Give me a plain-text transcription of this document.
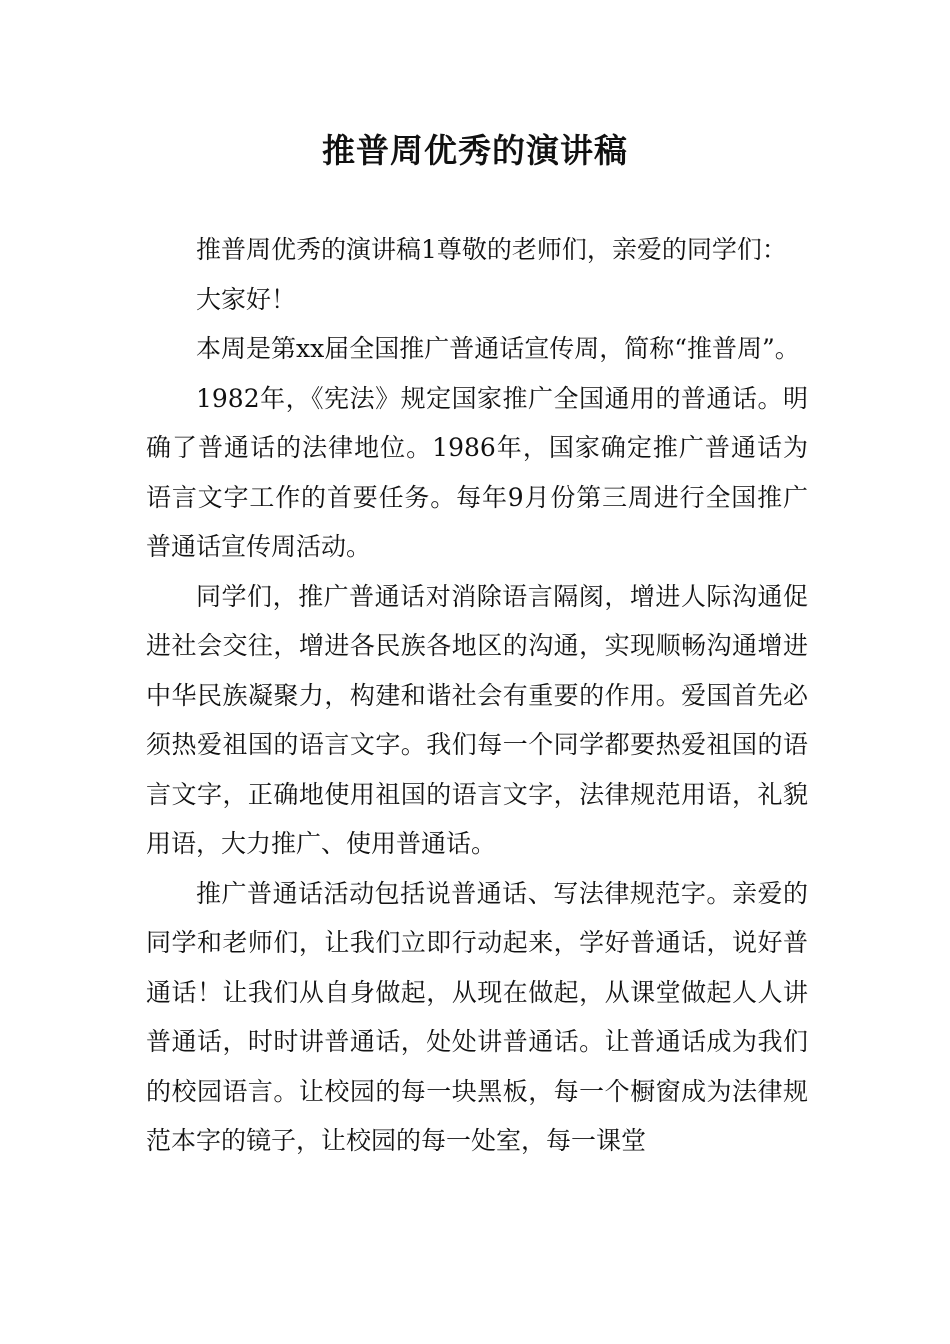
推普周优秀的演讲稿

推普周优秀的演讲稿1尊敬的老师们，亲爱的同学们：

大家好！

本周是第xx届全国推广普通话宣传周，简称“推普周”。

1982年，《宪法》规定国家推广全国通用的普通话。明确了普通话的法律地位。1986年，国家确定推广普通话为语言文字工作的首要任务。每年9月份第三周进行全国推广普通话宣传周活动。

同学们，推广普通话对消除语言隔阂，增进人际沟通促进社会交往，增进各民族各地区的沟通，实现顺畅沟通增进中华民族凝聚力，构建和谐社会有重要的作用。爱国首先必须热爱祖国的语言文字。我们每一个同学都要热爱祖国的语言文字，正确地使用祖国的语言文字，法律规范用语，礼貌用语，大力推广、使用普通话。

推广普通话活动包括说普通话、写法律规范字。亲爱的同学和老师们，让我们立即行动起来，学好普通话，说好普通话！让我们从自身做起，从现在做起，从课堂做起人人讲普通话，时时讲普通话，处处讲普通话。让普通话成为我们的校园语言。让校园的每一块黑板，每一个橱窗成为法律规范本字的镜子，让校园的每一处室，每一课堂
